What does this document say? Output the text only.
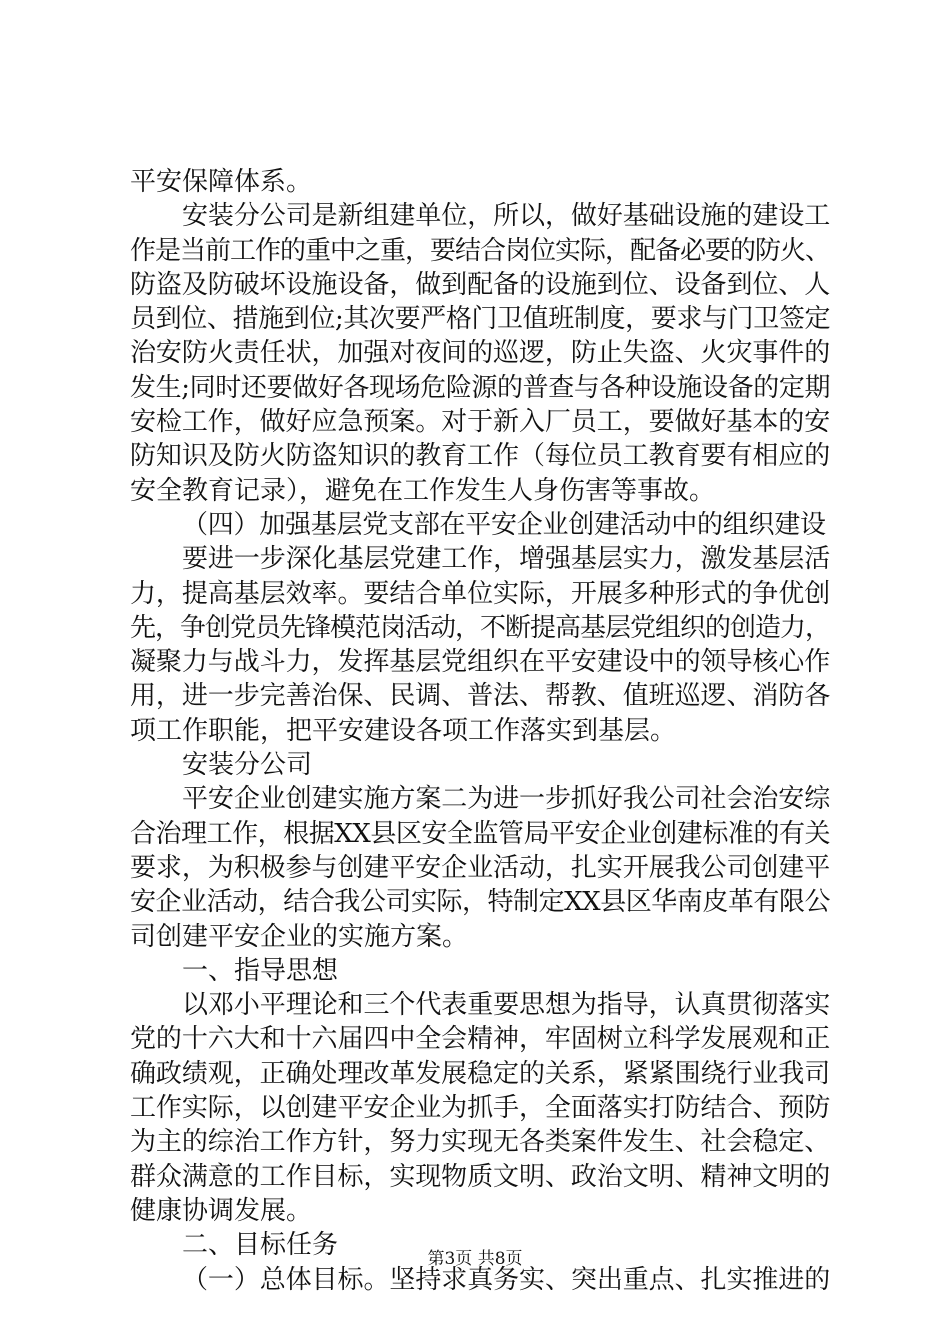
平安保障体系。
安装分公司是新组建单位，所以，做好基础设施的建设工
作是当前工作的重中之重，要结合岗位实际，配备必要的防火、
防盗及防破坏设施设备，做到配备的设施到位、设备到位、人
员到位、措施到位;其次要严格门卫值班制度，要求与门卫签定
治安防火责任状，加强对夜间的巡逻，防止失盗、火灾事件的
发生;同时还要做好各现场危险源的普查与各种设施设备的定期
安检工作，做好应急预案。对于新入厂员工，要做好基本的安
防知识及防火防盗知识的教育工作（每位员工教育要有相应的
安全教育记录），避免在工作发生人身伤害等事故。
（四）加强基层党支部在平安企业创建活动中的组织建设
要进一步深化基层党建工作，增强基层实力，激发基层活
力，提高基层效率。要结合单位实际，开展多种形式的争优创
先，争创党员先锋模范岗活动，不断提高基层党组织的创造力，
凝聚力与战斗力，发挥基层党组织在平安建设中的领导核心作
用，进一步完善治保、民调、普法、帮教、值班巡逻、消防各
项工作职能，把平安建设各项工作落实到基层。
安装分公司
平安企业创建实施方案二为进一步抓好我公司社会治安综
合治理工作，根据XX县区安全监管局平安企业创建标准的有关
要求，为积极参与创建平安企业活动，扎实开展我公司创建平
安企业活动，结合我公司实际，特制定XX县区华南皮革有限公
司创建平安企业的实施方案。
一、指导思想
以邓小平理论和三个代表重要思想为指导，认真贯彻落实
党的十六大和十六届四中全会精神，牢固树立科学发展观和正
确政绩观，正确处理改革发展稳定的关系，紧紧围绕行业我司
工作实际，以创建平安企业为抓手，全面落实打防结合、预防
为主的综治工作方针，努力实现无各类案件发生、社会稳定、
群众满意的工作目标，实现物质文明、政治文明、精神文明的
健康协调发展。
二、目标任务
（一）总体目标。坚持求真务实、突出重点、扎实推进的
第3页 共8页
